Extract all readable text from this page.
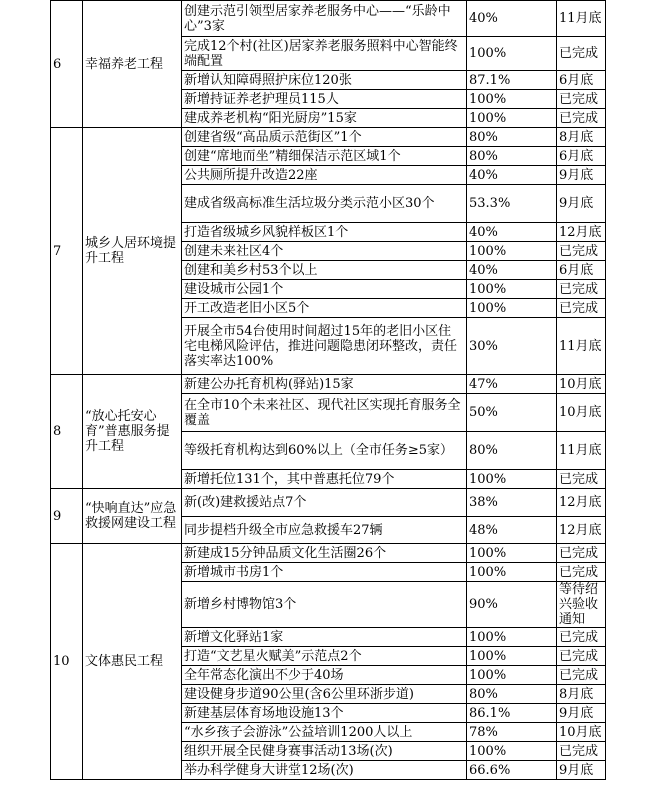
6	幸福养老工程	创建示范引领型居家养老服务中心——“乐龄中心”3家	40%	11月底
		完成12个村(社区)居家养老服务照料中心智能终端配置	100%	已完成
		新增认知障碍照护床位120张	87.1%	6月底
		新增持证养老护理员115人	100%	已完成
		建成养老机构“阳光厨房”15家	100%	已完成
7	城乡人居环境提升工程	创建省级“高品质示范街区”1个	80%	8月底
		创建“席地而坐”精细保洁示范区域1个	80%	6月底
		公共厕所提升改造22座	40%	9月底
		建成省级高标准生活垃圾分类示范小区30个	53.3%	9月底
		打造省级城乡风貌样板区1个	40%	12月底
		创建未来社区4个	100%	已完成
		创建和美乡村53个以上	40%	6月底
		建设城市公园1个	100%	已完成
		开工改造老旧小区5个	100%	已完成
		开展全市54台使用时间超过15年的老旧小区住宅电梯风险评估，推进问题隐患闭环整改，责任落实率达100%	30%	11月底
8	“放心托安心育”普惠服务提升工程	新建公办托育机构(驿站)15家	47%	10月底
		在全市10个未来社区、现代社区实现托育服务全覆盖	50%	10月底
		等级托育机构达到60%以上（全市任务≥5家）	80%	11月底
		新增托位131个，其中普惠托位79个	100%	已完成
9	“快响直达”应急救援网建设工程	新(改)建救援站点7个	38%	12月底
		同步提档升级全市应急救援车27辆	48%	12月底
10	文体惠民工程	新建成15分钟品质文化生活圈26个	100%	已完成
		新增城市书房1个	100%	已完成
		新增乡村博物馆3个	90%	等待绍兴验收通知
		新增文化驿站1家	100%	已完成
		打造“文艺星火赋美”示范点2个	100%	已完成
		全年常态化演出不少于40场	100%	已完成
		建设健身步道90公里(含6公里环浙步道)	80%	8月底
		新建基层体育场地设施13个	86.1%	9月底
		“水乡孩子会游泳”公益培训1200人以上	78%	10月底
		组织开展全民健身赛事活动13场(次)	100%	已完成
		举办科学健身大讲堂12场(次)	66.6%	9月底
